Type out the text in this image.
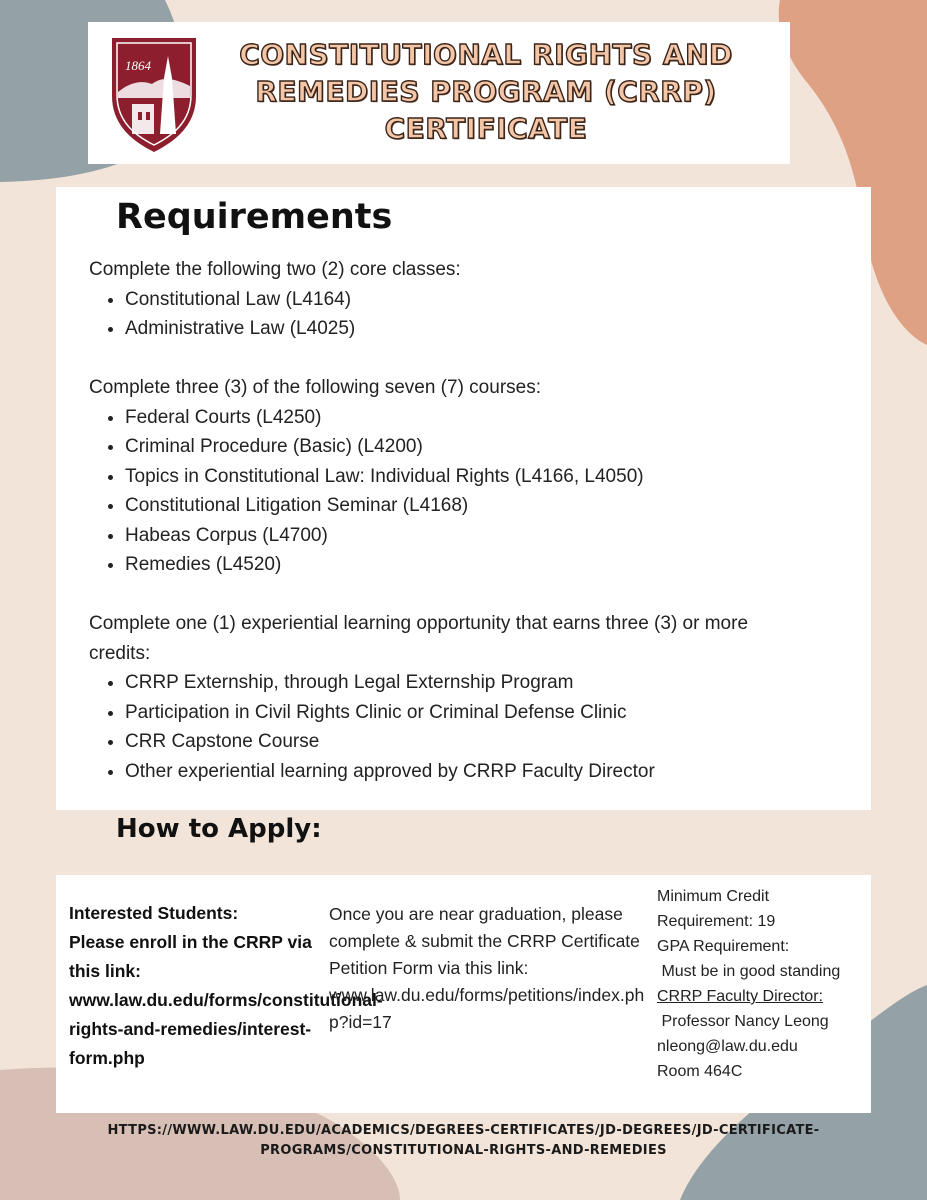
1864	CONSTITUTIONAL RIGHTS AND REMEDIES PROGRAM (CRRP) CERTIFICATE
Requirements

Complete the following two (2) core classes:

• Constitutional Law (L4164)
• Administrative Law (L4025)

Complete three (3) of the following seven (7) courses:

• Federal Courts (L4250)
• Criminal Procedure (Basic) (L4200)
• Topics in Constitutional Law: Individual Rights (L4166, L4050)
• Constitutional Litigation Seminar (L4168)
• Habeas Corpus (L4700)
• Remedies (L4520)

Complete one (1) experiential learning opportunity that earns three (3) or more credits:

• CRRP Externship, through Legal Externship Program
• Participation in Civil Rights Clinic or Criminal Defense Clinic
• CRR Capstone Course
• Other experiential learning approved by CRRP Faculty Director
How to Apply:
Interested Students:
Please enroll in the CRRP via this link:
www.law.du.edu/forms/constitutional-rights-and-remedies/interest-form.php
Once you are near graduation, please complete & submit the CRRP Certificate Petition Form via this link:
www.law.du.edu/forms/petitions/index.php?id=17
Minimum Credit Requirement: 19
GPA Requirement:
Must be in good standing
CRRP Faculty Director:
Professor Nancy Leong
nleong@law.du.edu
Room 464C
HTTPS://WWW.LAW.DU.EDU/ACADEMICS/DEGREES-CERTIFICATES/JD-DEGREES/JD-CERTIFICATE-PROGRAMS/CONSTITUTIONAL-RIGHTS-AND-REMEDIES
